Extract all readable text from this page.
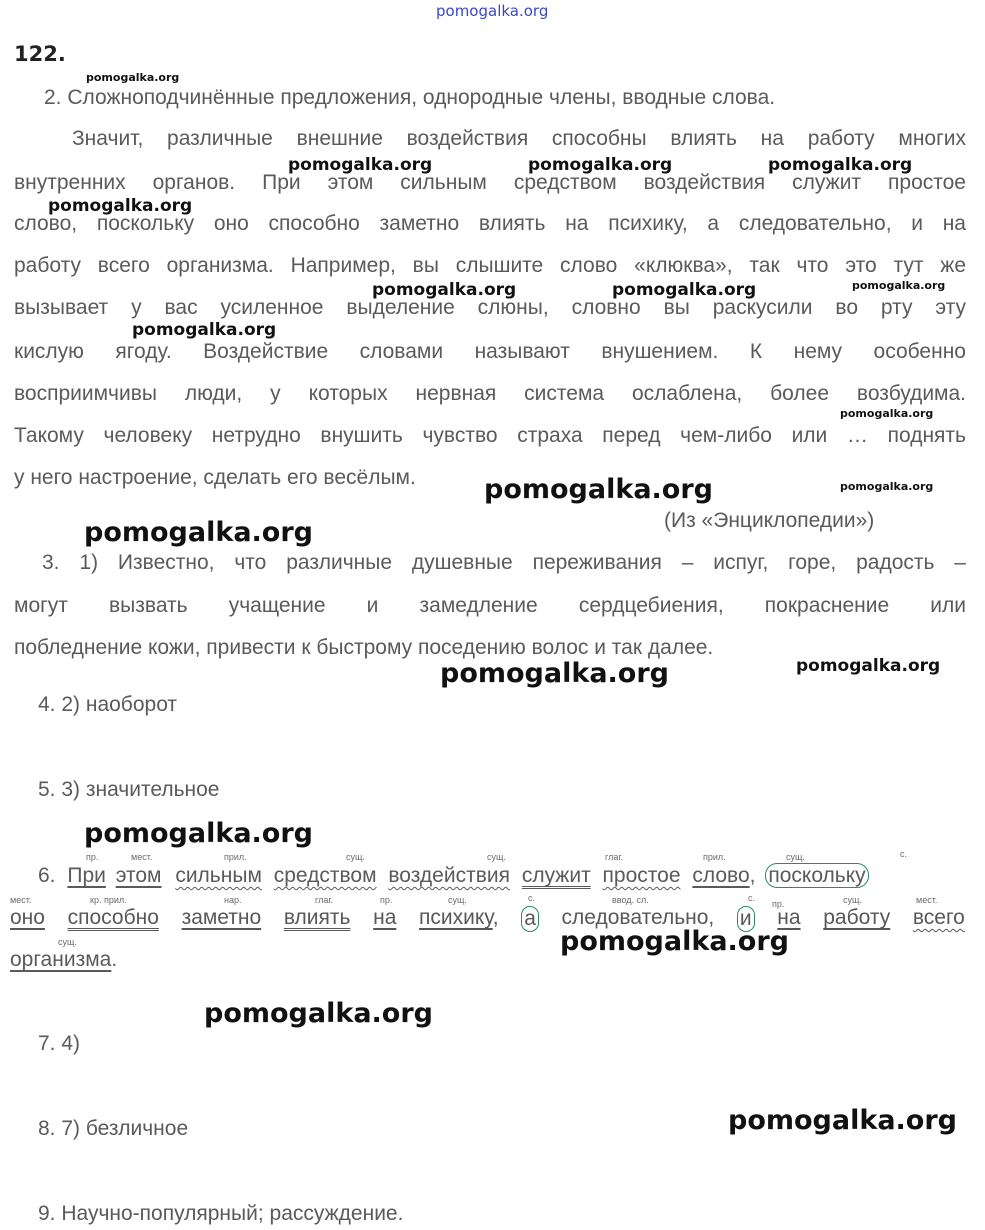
pomogalka.org
122.
pomogalka.org
2. Сложноподчинённые предложения, однородные члены, вводные слова.
Значит, различные внешние воздействия способны влиять на работу многих
внутренних органов. При этом сильным средством воздействия служит простое
слово, поскольку оно способно заметно влиять на психику, а следовательно, и на
работу всего организма. Например, вы слышите слово «клюква», так что это тут же
вызывает у вас усиленное выделение слюны, словно вы раскусили во рту эту
кислую ягоду. Воздействие словами называют внушением. К нему особенно
восприимчивы люди, у которых нервная система ослаблена, более возбудима.
Такому человеку нетрудно внушить чувство страха перед чем-либо или … поднять
у него настроение, сделать его весёлым.
pomogalka.org	pomogalka.org	pomogalka.org
pomogalka.org
pomogalka.org	pomogalka.org	pomogalka.org
pomogalka.org
pomogalka.org
pomogalka.org	pomogalka.org
(Из «Энциклопедии»)
pomogalka.org
3. 1) Известно, что различные душевные переживания – испуг, горе, радость –
могут вызвать учащение и замедление сердцебиения, покраснение или
побледнение кожи, привести к быстрому поседению волос и так далее.
pomogalka.org	pomogalka.org
4. 2) наоборот
5. 3) значительное
pomogalka.org
пр.	мест.	прил.	сущ.	сущ.	глаг.	прил.	сущ.	с.
6. При этом сильным средством воздействия служит простое слово, поскольку
мест.	кр. прил.	нар.	глаг.	пр.	сущ.	с.	ввод. сл.	с.
пр.	сущ.	мест.
оно способно заметно влиять на психику, а следовательно, и на работу всего
сущ.
организма.
pomogalka.org
pomogalka.org
7. 4)
8. 7) безличное	pomogalka.org
9. Научно-популярный; рассуждение.
